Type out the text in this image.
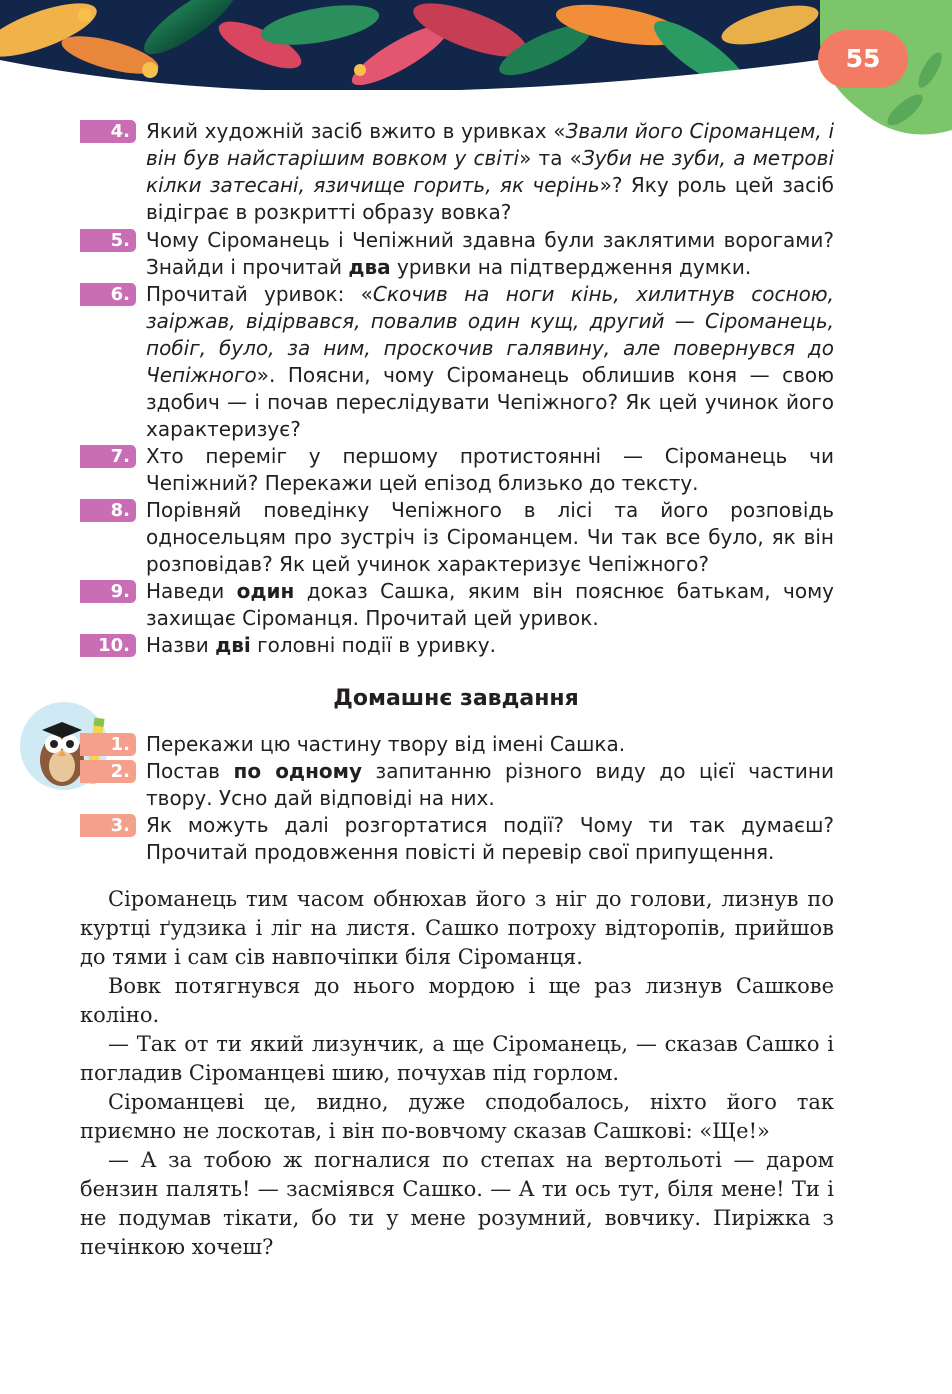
55
4. Який художній засіб вжито в уривках «Звали його Сіроманцем, і він був найстарішим вовком у світі» та «Зуби не зуби, а метрові кілки затесані, язичище горить, як черінь»? Яку роль цей засіб відіграє в розкритті образу вовка?
5. Чому Сіроманець і Чепіжний здавна були заклятими ворогами? Знайди і прочитай два уривки на підтвердження думки.
6. Прочитай уривок: «Скочив на ноги кінь, хилитнув сосною, заіржав, відірвався, повалив один кущ, другий — Сіроманець, побіг, було, за ним, проскочив галявину, але повернувся до Чепіжного». Поясни, чому Сіроманець облишив коня — свою здобич — і почав переслідувати Чепіжного? Як цей учинок його характеризує?
7. Хто переміг у першому протистоянні — Сіроманець чи Чепіжний? Перекажи цей епізод близько до тексту.
8. Порівняй поведінку Чепіжного в лісі та його розповідь односельцям про зустріч із Сіроманцем. Чи так все було, як він розповідав? Як цей учинок характеризує Чепіжного?
9. Наведи один доказ Сашка, яким він пояснює батькам, чому захищає Сіроманця. Прочитай цей уривок.
10. Назви дві головні події в уривку.
Домашнє завдання
1. Перекажи цю частину твору від імені Сашка.
2. Постав по одному запитанню різного виду до цієї частини твору. Усно дай відповіді на них.
3. Як можуть далі розгортатися події? Чому ти так думаєш? Прочитай продовження повісті й перевір свої припущення.

Сіроманець тим часом обнюхав його з ніг до голови, лизнув по куртці ґудзика і ліг на листя. Сашко потроху відторопів, прийшов до тями і сам сів навпочіпки біля Сіроманця.

Вовк потягнувся до нього мордою і ще раз лизнув Сашкове коліно.

— Так от ти який лизунчик, а ще Сіроманець, — сказав Сашко і погладив Сіроманцеві шию, почухав під горлом.

Сіроманцеві це, видно, дуже сподобалось, ніхто його так приємно не лоскотав, і він по-вовчому сказав Сашкові: «Ще!»

— А за тобою ж погналися по степах на вертольоті — даром бензин палять! — засміявся Сашко. — А ти ось тут, біля мене! Ти і не подумав тікати, бо ти у мене розумний, вовчику. Пиріжка з печінкою хочеш?
